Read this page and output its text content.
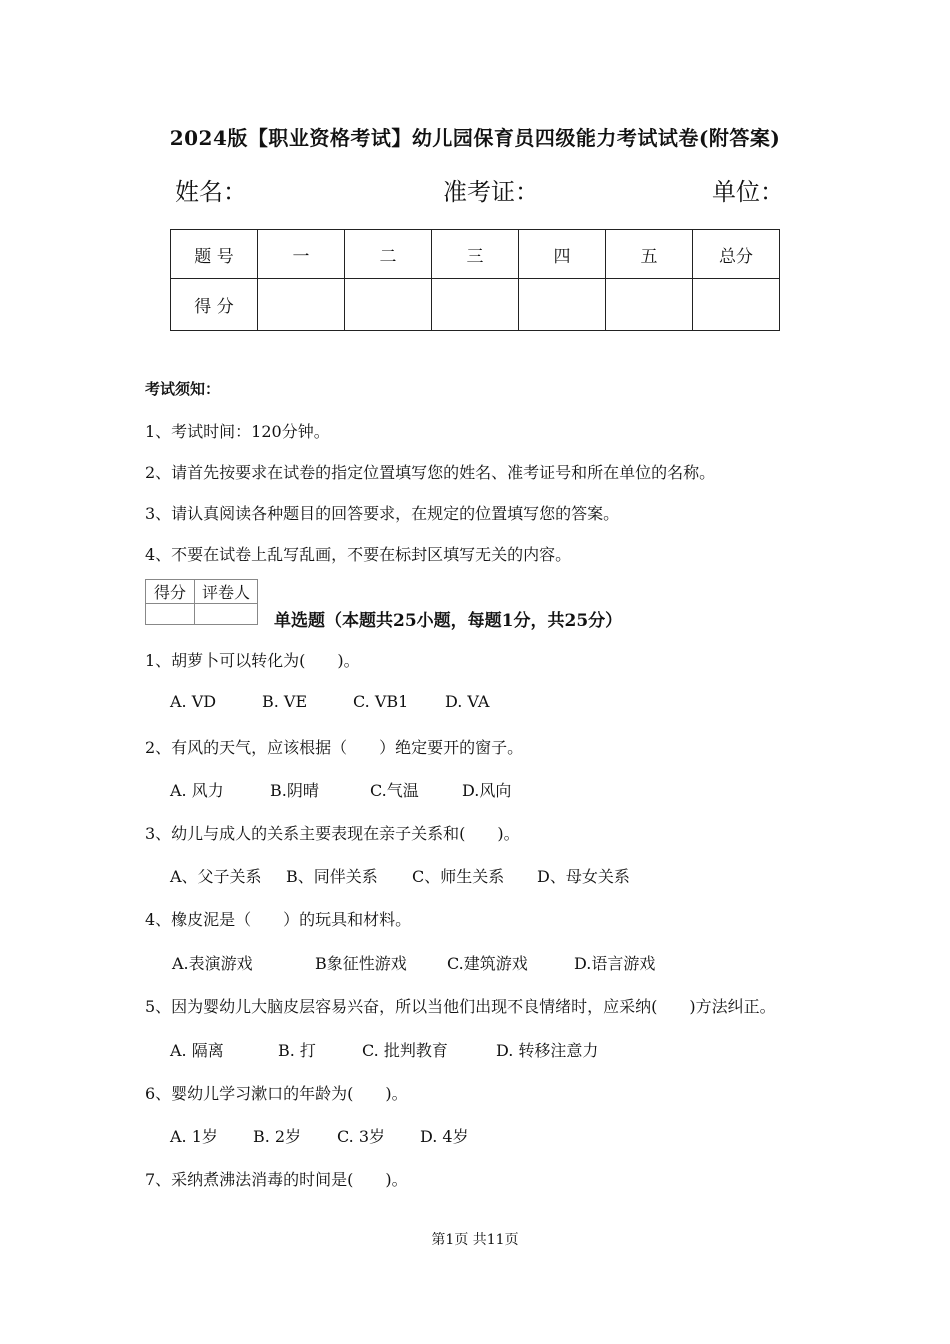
2024版【职业资格考试】幼儿园保育员四级能力考试试卷(附答案)
姓名：	准考证：	单位：
题 号	一	二	三	四	五	总分
得 分						
考试须知：
1、考试时间：120分钟。
2、请首先按要求在试卷的指定位置填写您的姓名、准考证号和所在单位的名称。
3、请认真阅读各种题目的回答要求，在规定的位置填写您的答案。
4、不要在试卷上乱写乱画，不要在标封区填写无关的内容。
得分	评卷人

单选题（本题共25小题，每题1分，共25分）
1、胡萝卜可以转化为(　　)。
A. VD	B. VE	C. VB1 D. VA
2、有风的天气，应该根据（　　）绝定要开的窗子。
A. 风力	B.阴晴	C.气温	D.风向
3、幼儿与成人的关系主要表现在亲子关系和(　　)。
A、父子关系 B、同伴关系 C、师生关系 D、母女关系
4、橡皮泥是（　　）的玩具和材料。
A.表演游戏	B象征性游戏	C.建筑游戏	D.语言游戏
5、因为婴幼儿大脑皮层容易兴奋，所以当他们出现不良情绪时，应采纳(　　)方法纠正。
A. 隔离	B. 打	C. 批判教育	D. 转移注意力
6、婴幼儿学习漱口的年龄为(　　)。
A. 1岁 B. 2岁 C. 3岁 D. 4岁
7、采纳煮沸法消毒的时间是(　　)。
第1页 共11页
